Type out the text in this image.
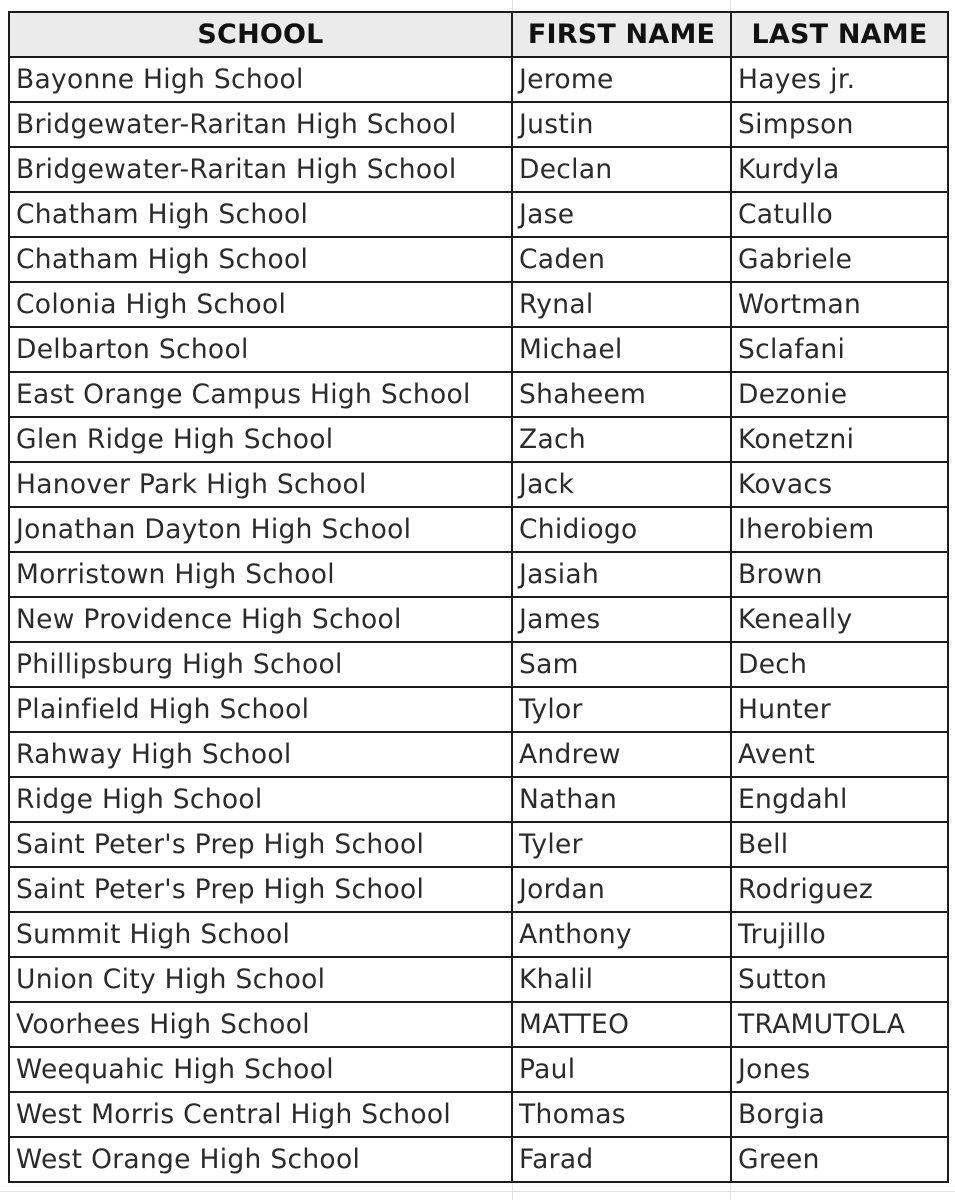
SCHOOL	FIRST NAME	LAST NAME
Bayonne High School	Jerome	Hayes jr.
Bridgewater-Raritan High School	Justin	Simpson
Bridgewater-Raritan High School	Declan	Kurdyla
Chatham High School	Jase	Catullo
Chatham High School	Caden	Gabriele
Colonia High School	Rynal	Wortman
Delbarton School	Michael	Sclafani
East Orange Campus High School	Shaheem	Dezonie
Glen Ridge High School	Zach	Konetzni
Hanover Park High School	Jack	Kovacs
Jonathan Dayton High School	Chidiogo	Iherobiem
Morristown High School	Jasiah	Brown
New Providence High School	James	Keneally
Phillipsburg High School	Sam	Dech
Plainfield High School	Tylor	Hunter
Rahway High School	Andrew	Avent
Ridge High School	Nathan	Engdahl
Saint Peter's Prep High School	Tyler	Bell
Saint Peter's Prep High School	Jordan	Rodriguez
Summit High School	Anthony	Trujillo
Union City High School	Khalil	Sutton
Voorhees High School	MATTEO	TRAMUTOLA
Weequahic High School	Paul	Jones
West Morris Central High School	Thomas	Borgia
West Orange High School	Farad	Green
